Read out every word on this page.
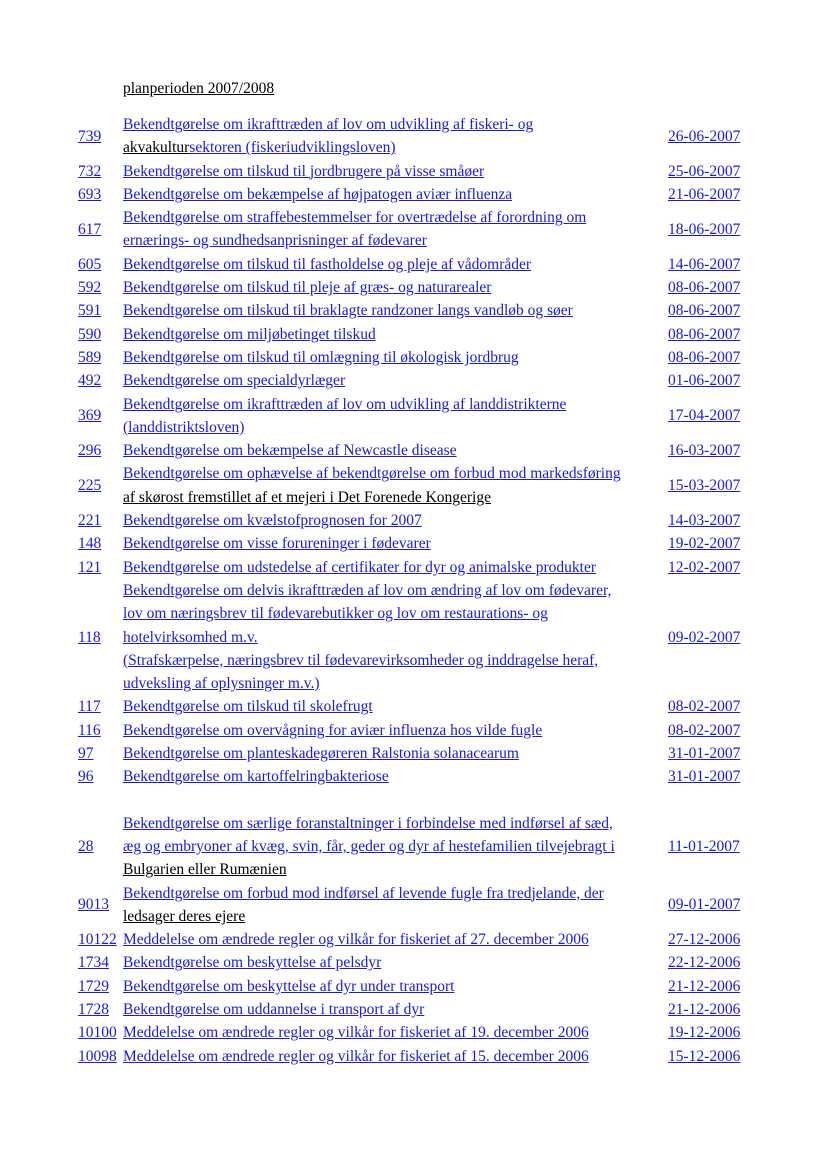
planperioden 2007/2008
739	Bekendtgørelse om ikrafttræden af lov om udvikling af fiskeri- og
akvakultursektoren (fiskeriudviklingsloven)	26-06-2007
732	Bekendtgørelse om tilskud til jordbrugere på visse småøer	25-06-2007
693	Bekendtgørelse om bekæmpelse af højpatogen aviær influenza	21-06-2007
617	Bekendtgørelse om straffebestemmelser for overtrædelse af forordning om
ernærings- og sundhedsanprisninger af fødevarer	18-06-2007
605	Bekendtgørelse om tilskud til fastholdelse og pleje af vådområder	14-06-2007
592	Bekendtgørelse om tilskud til pleje af græs- og naturarealer	08-06-2007
591	Bekendtgørelse om tilskud til braklagte randzoner langs vandløb og søer	08-06-2007
590	Bekendtgørelse om miljøbetinget tilskud	08-06-2007
589	Bekendtgørelse om tilskud til omlægning til økologisk jordbrug	08-06-2007
492	Bekendtgørelse om specialdyrlæger	01-06-2007
369	Bekendtgørelse om ikrafttræden af lov om udvikling af landdistrikterne
(landdistriktsloven)	17-04-2007
296	Bekendtgørelse om bekæmpelse af Newcastle disease	16-03-2007
225	Bekendtgørelse om ophævelse af bekendtgørelse om forbud mod markedsføring
af skørost fremstillet af et mejeri i Det Forenede Kongerige	15-03-2007
221	Bekendtgørelse om kvælstofprognosen for 2007	14-03-2007
148	Bekendtgørelse om visse forureninger i fødevarer	19-02-2007
121	Bekendtgørelse om udstedelse af certifikater for dyr og animalske produkter	12-02-2007
118	Bekendtgørelse om delvis ikrafttræden af lov om ændring af lov om fødevarer,
lov om næringsbrev til fødevarebutikker og lov om restaurations- og
hotelvirksomhed m.v.
(Strafskærpelse, næringsbrev til fødevarevirksomheder og inddragelse heraf,
udveksling af oplysninger m.v.)	09-02-2007
117	Bekendtgørelse om tilskud til skolefrugt	08-02-2007
116	Bekendtgørelse om overvågning for aviær influenza hos vilde fugle	08-02-2007
97	Bekendtgørelse om planteskadegøreren Ralstonia solanacearum	31-01-2007
96	Bekendtgørelse om kartoffelringbakteriose	31-01-2007

28	Bekendtgørelse om særlige foranstaltninger i forbindelse med indførsel af sæd,
æg og embryoner af kvæg, svin, får, geder og dyr af hestefamilien tilvejebragt i
Bulgarien eller Rumænien	11-01-2007
9013	Bekendtgørelse om forbud mod indførsel af levende fugle fra tredjelande, der
ledsager deres ejere	09-01-2007
10122	Meddelelse om ændrede regler og vilkår for fiskeriet af 27. december 2006	27-12-2006
1734	Bekendtgørelse om beskyttelse af pelsdyr	22-12-2006
1729	Bekendtgørelse om beskyttelse af dyr under transport	21-12-2006
1728	Bekendtgørelse om uddannelse i transport af dyr	21-12-2006
10100	Meddelelse om ændrede regler og vilkår for fiskeriet af 19. december 2006	19-12-2006
10098	Meddelelse om ændrede regler og vilkår for fiskeriet af 15. december 2006	15-12-2006
